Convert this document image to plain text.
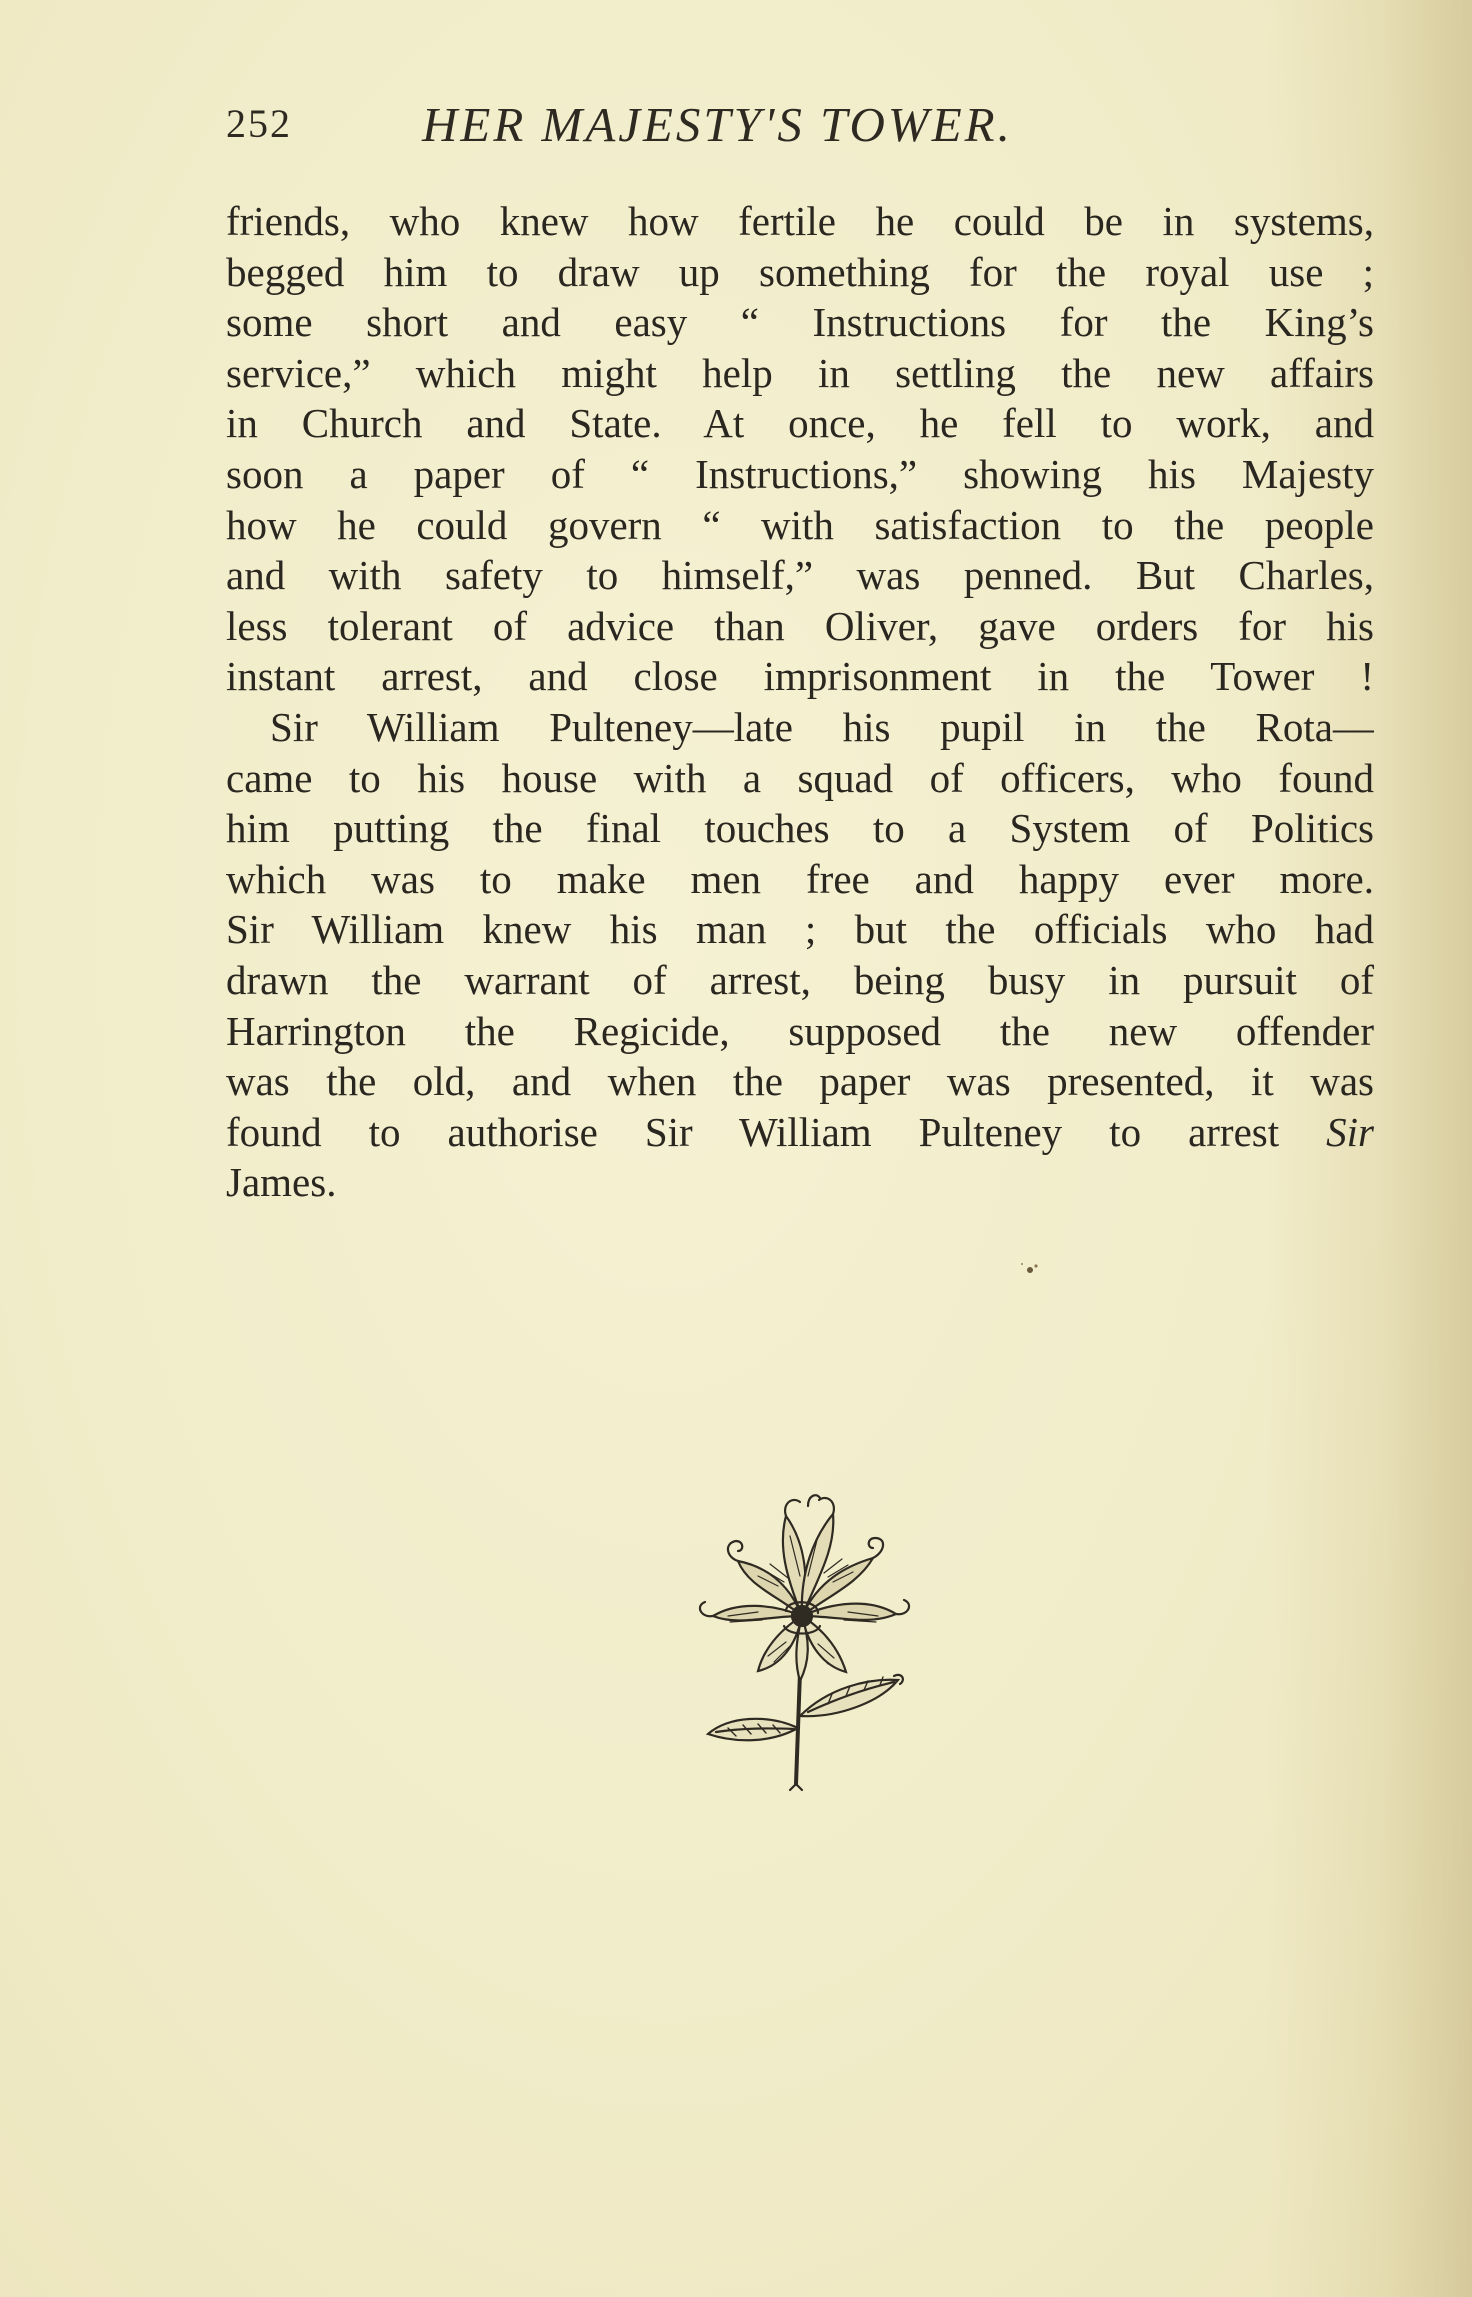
252	HER MAJESTY'S TOWER.
friends, who knew how fertile he could be in systems,
begged him to draw up something for the royal use ;
some short and easy “ Instructions for the King’s
service,” which might help in settling the new affairs
in Church and State. At once, he fell to work, and
soon a paper of “ Instructions,” showing his Majesty
how he could govern “ with satisfaction to the people
and with safety to himself,” was penned. But Charles,
less tolerant of advice than Oliver, gave orders for his
instant arrest, and close imprisonment in the Tower !
Sir William Pulteney—late his pupil in the Rota—
came to his house with a squad of officers, who found
him putting the final touches to a System of Politics
which was to make men free and happy ever more.
Sir William knew his man ; but the officials who had
drawn the warrant of arrest, being busy in pursuit of
Harrington the Regicide, supposed the new offender
was the old, and when the paper was presented, it was
found to authorise Sir William Pulteney to arrest Sir
James.
